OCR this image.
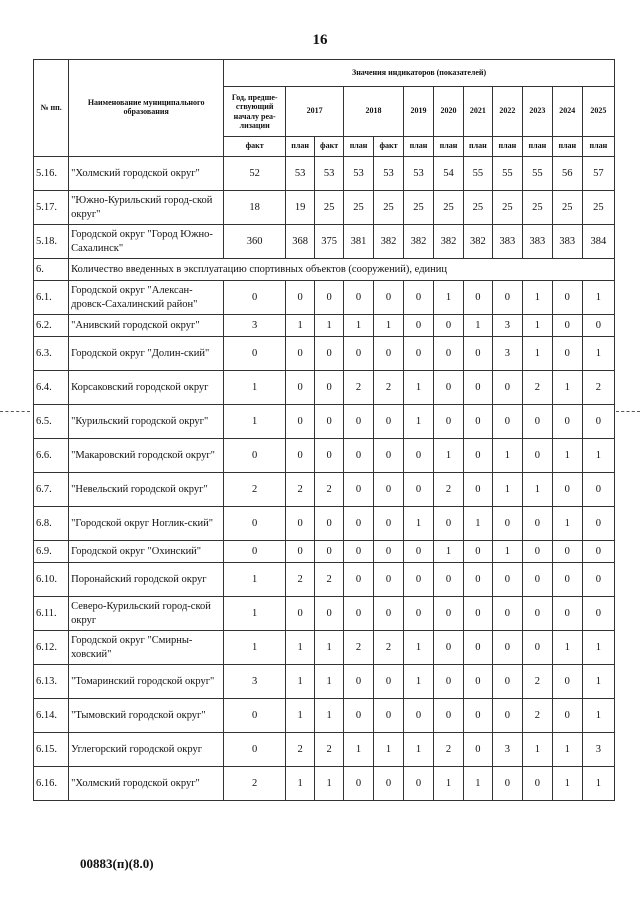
16
№ пп.	Наименование муниципального образования	Значения индикаторов (показателей)											
		Год, предше-ствующий началу реа-лизации	2017		2018		2019	2020	2021	2022	2023	2024	2025
		факт	план	факт	план	факт	план	план	план	план	план	план	план
5.16.	"Холмский городской округ"	52	53	53	53	53	53	54	55	55	55	56	57
5.17.	"Южно-Курильский город-ской округ"	18	19	25	25	25	25	25	25	25	25	25	25
5.18.	Городской округ "Город Южно-Сахалинск"	360	368	375	381	382	382	382	382	383	383	383	384
6.	Количество введенных в эксплуатацию спортивных объектов (сооружений), единиц												
6.1.	Городской округ "Алексан-дровск-Сахалинский район"	0	0	0	0	0	0	1	0	0	1	0	1
6.2.	"Анивский городской округ"	3	1	1	1	1	0	0	1	3	1	0	0
6.3.	Городской округ "Долин-ский"	0	0	0	0	0	0	0	0	3	1	0	1
6.4.	Корсаковский городской округ	1	0	0	2	2	1	0	0	0	2	1	2
6.5.	"Курильский городской округ"	1	0	0	0	0	1	0	0	0	0	0	0
6.6.	"Макаровский городской округ"	0	0	0	0	0	0	1	0	1	0	1	1
6.7.	"Невельский городской округ"	2	2	2	0	0	0	2	0	1	1	0	0
6.8.	"Городской округ Ноглик-ский"	0	0	0	0	0	1	0	1	0	0	1	0
6.9.	Городской округ "Охинский"	0	0	0	0	0	0	1	0	1	0	0	0
6.10.	Поронайский городской округ	1	2	2	0	0	0	0	0	0	0	0	0
6.11.	Северо-Курильский город-ской округ	1	0	0	0	0	0	0	0	0	0	0	0
6.12.	Городской округ "Смирны-ховский"	1	1	1	2	2	1	0	0	0	0	1	1
6.13.	"Томаринский городской округ"	3	1	1	0	0	1	0	0	0	2	0	1
6.14.	"Тымовский городской округ"	0	1	1	0	0	0	0	0	0	2	0	1
6.15.	Углегорский городской округ	0	2	2	1	1	1	2	0	3	1	1	3
6.16.	"Холмский городской округ"	2	1	1	0	0	0	1	1	0	0	1	1
00883(п)(8.0)
